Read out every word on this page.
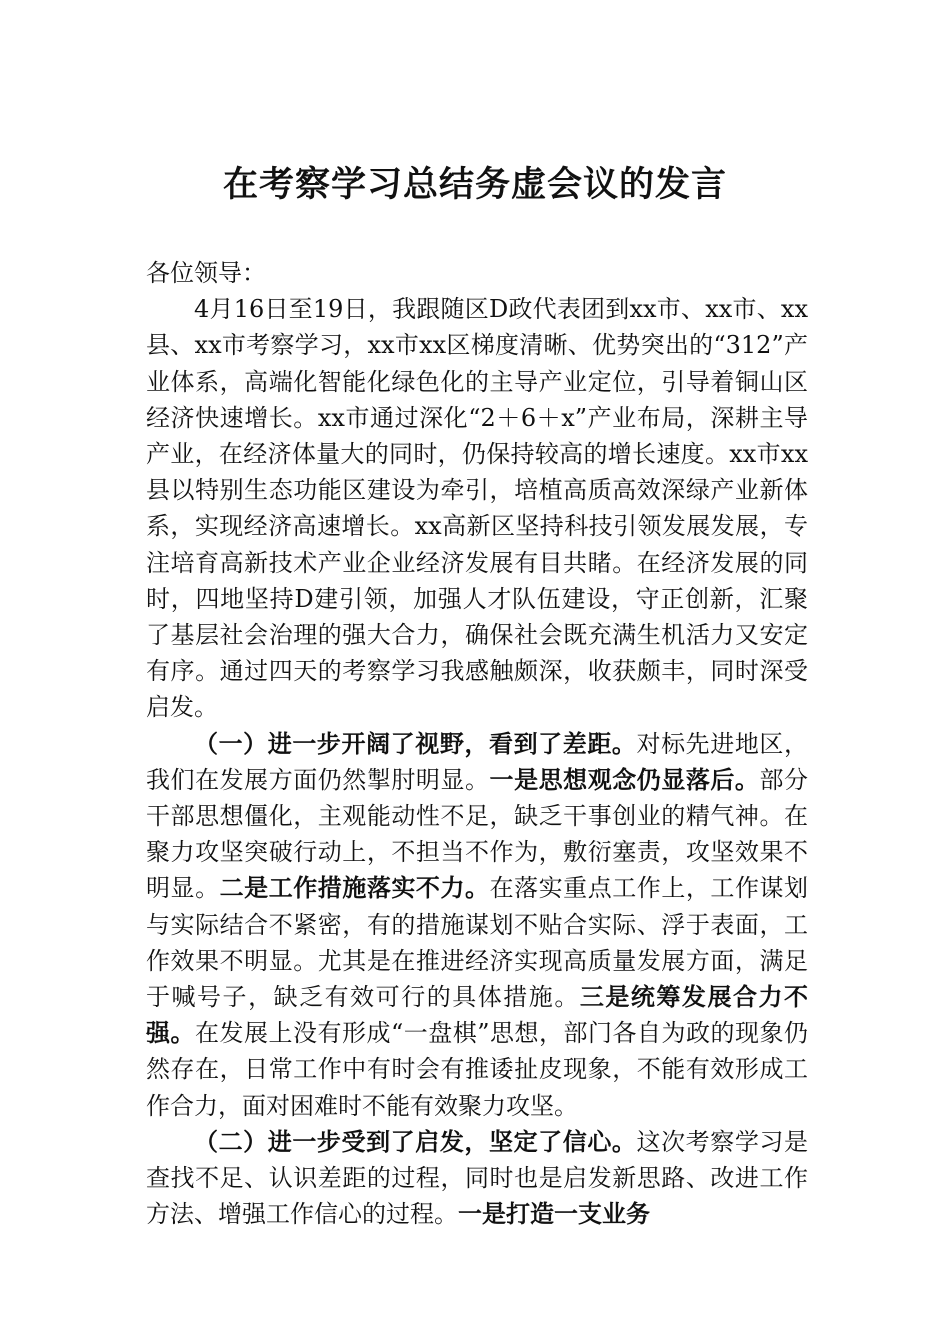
在考察学习总结务虚会议的发言

各位领导：

4月16日至19日，我跟随区D政代表团到xx市、xx市、xx县、xx市考察学习，xx市xx区梯度清晰、优势突出的“312”产业体系，高端化智能化绿色化的主导产业定位，引导着铜山区经济快速增长。xx市通过深化“2＋6＋x”产业布局，深耕主导产业，在经济体量大的同时，仍保持较高的增长速度。xx市xx县以特别生态功能区建设为牵引，培植高质高效深绿产业新体系，实现经济高速增长。xx高新区坚持科技引领发展发展，专注培育高新技术产业企业经济发展有目共睹。在经济发展的同时，四地坚持D建引领，加强人才队伍建设，守正创新，汇聚了基层社会治理的强大合力，确保社会既充满生机活力又安定有序。通过四天的考察学习我感触颇深，收获颇丰，同时深受启发。

（一）进一步开阔了视野，看到了差距。对标先进地区，我们在发展方面仍然掣肘明显。一是思想观念仍显落后。部分干部思想僵化，主观能动性不足，缺乏干事创业的精气神。在聚力攻坚突破行动上，不担当不作为，敷衍塞责，攻坚效果不明显。二是工作措施落实不力。在落实重点工作上，工作谋划与实际结合不紧密，有的措施谋划不贴合实际、浮于表面，工作效果不明显。尤其是在推进经济实现高质量发展方面，满足于喊号子，缺乏有效可行的具体措施。三是统筹发展合力不强。在发展上没有形成“一盘棋”思想，部门各自为政的现象仍然存在，日常工作中有时会有推诿扯皮现象，不能有效形成工作合力，面对困难时不能有效聚力攻坚。

（二）进一步受到了启发，坚定了信心。这次考察学习是查找不足、认识差距的过程，同时也是启发新思路、改进工作方法、增强工作信心的过程。一是打造一支业务
